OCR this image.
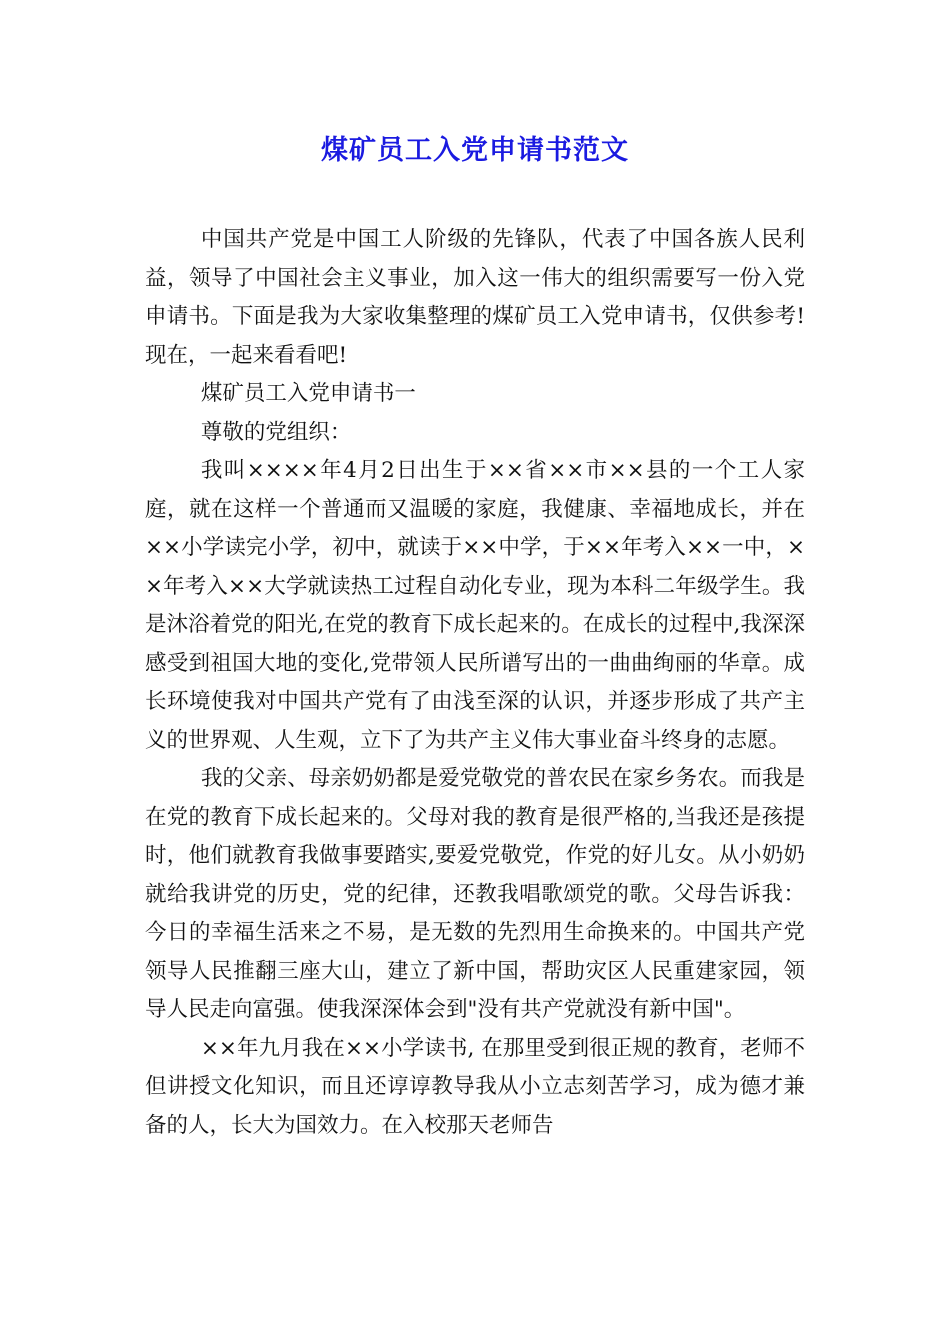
煤矿员工入党申请书范文

中国共产党是中国工人阶级的先锋队，代表了中国各族人民利益，领导了中国社会主义事业，加入这一伟大的组织需要写一份入党申请书。下面是我为大家收集整理的煤矿员工入党申请书，仅供参考!现在，一起来看看吧!

煤矿员工入党申请书一

尊敬的党组织：

我叫××××年4月2日出生于××省××市××县的一个工人家庭，就在这样一个普通而又温暖的家庭，我健康、幸福地成长，并在××小学读完小学，初中，就读于××中学，于××年考入××一中，××年考入××大学就读热工过程自动化专业，现为本科二年级学生。我是沐浴着党的阳光,在党的教育下成长起来的。在成长的过程中,我深深感受到祖国大地的变化,党带领人民所谱写出的一曲曲绚丽的华章。成长环境使我对中国共产党有了由浅至深的认识，并逐步形成了共产主义的世界观、人生观，立下了为共产主义伟大事业奋斗终身的志愿。

我的父亲、母亲奶奶都是爱党敬党的普农民在家乡务农。而我是在党的教育下成长起来的。父母对我的教育是很严格的,当我还是孩提时，他们就教育我做事要踏实,要爱党敬党，作党的好儿女。从小奶奶就给我讲党的历史，党的纪律，还教我唱歌颂党的歌。父母告诉我：今日的幸福生活来之不易，是无数的先烈用生命换来的。中国共产党领导人民推翻三座大山，建立了新中国，帮助灾区人民重建家园，领导人民走向富强。使我深深体会到"没有共产党就没有新中国"。

××年九月我在××小学读书, 在那里受到很正规的教育，老师不但讲授文化知识，而且还谆谆教导我从小立志刻苦学习，成为德才兼备的人，长大为国效力。在入校那天老师告
